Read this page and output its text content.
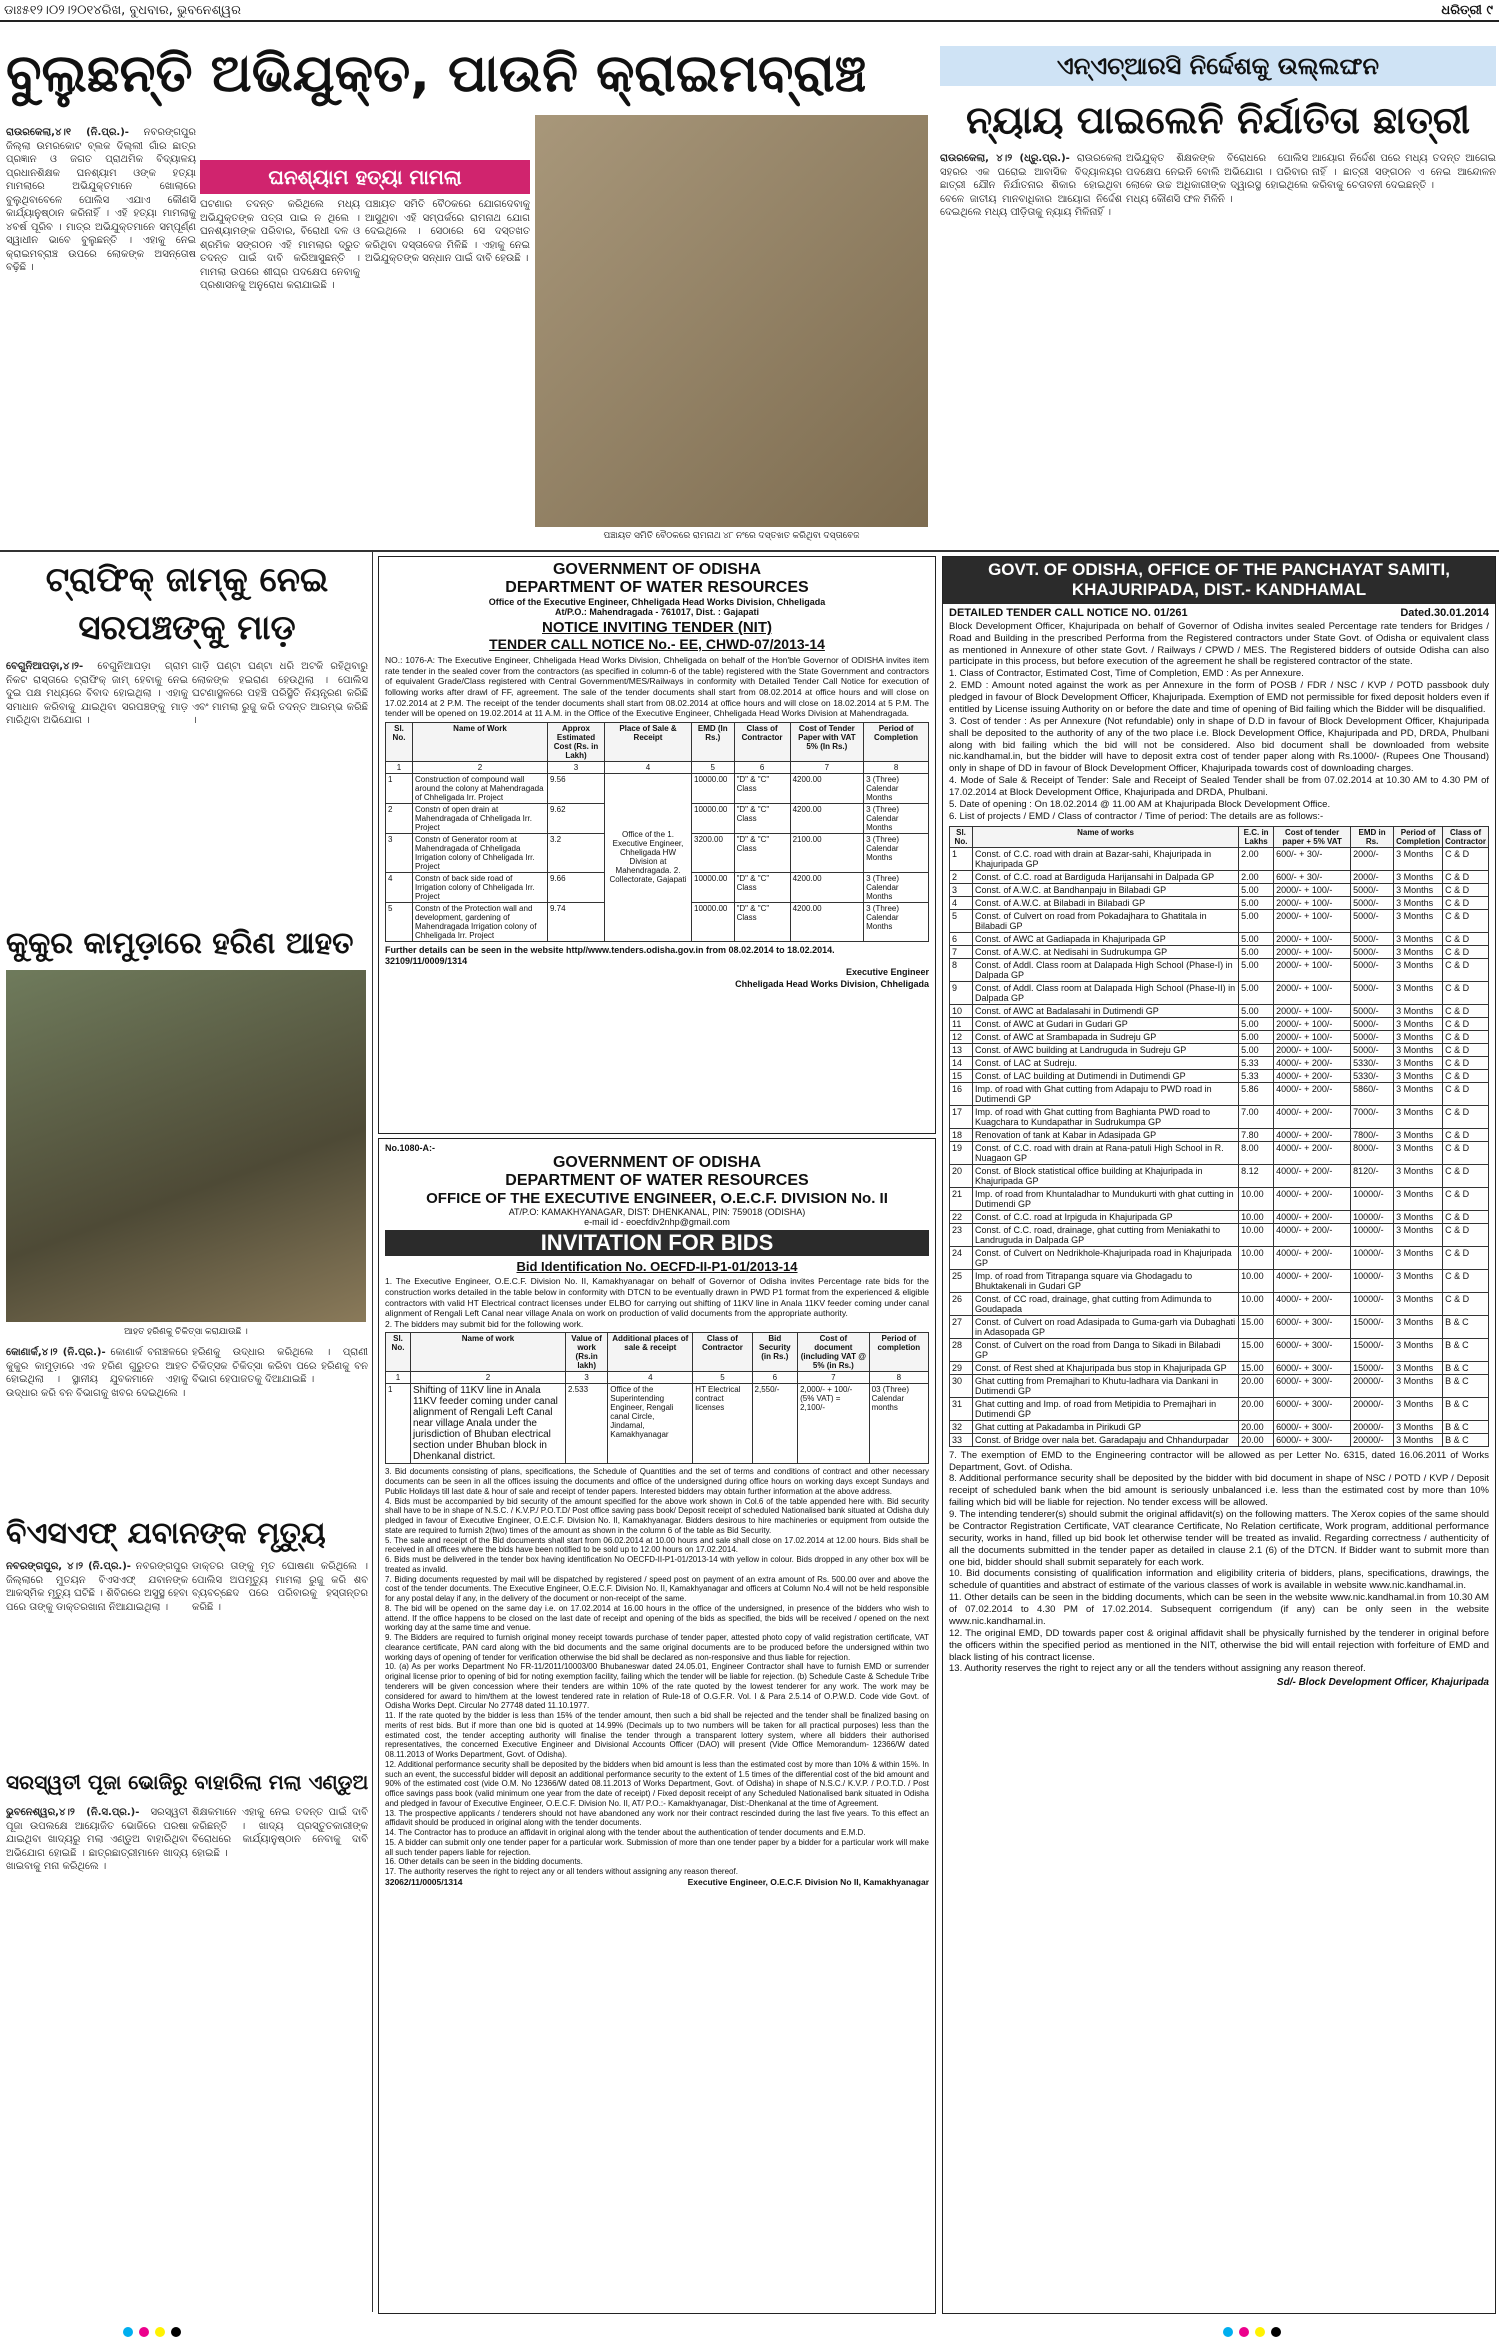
ଡାଃ୫୧୨।୦୨।୨୦୧୪ରିଖ, ବୁଧବାର, ଭୁବନେଶ୍ୱର	ଧରିତ୍ରୀ ୯
ବୁଲୁଛନ୍ତି ଅଭିଯୁକ୍ତ, ପାଉନି କ୍ରାଇମବ୍ରାଞ୍ଚ
ରାଉରକେଲା,୪।୧ (ନି.ପ୍ର.)- ନବରଙ୍ଗପୁର ଜିଲ୍ଲା ଉମରକୋଟ ବ୍ଲକ ଦିଲ୍ଲୀ ଗାଁର ଛାତ୍ର ପ୍ରଜ୍ଞାନ ଓ ଜଗତ ପ୍ରାଥମିକ ବିଦ୍ୟାଳୟ ପ୍ରଧାନଶିକ୍ଷକ ଘନଶ୍ୟାମ ଓଙ୍କ ହତ୍ୟା ମାମଲାରେ ଅଭିଯୁକ୍ତମାନେ ଖୋଲାରେ ବୁଲୁଥିବାବେଳେ ପୋଲିସ ଏଯାଏ କୌଣସି କାର୍ଯ୍ୟାନୁଷ୍ଠାନ କରିନାହିଁ । ଏହି ହତ୍ୟା ମାମଲାକୁ ୪ବର୍ଷ ପୂରିବ । ମାତ୍ର ଅଭିଯୁକ୍ତମାନେ ସମ୍ପୂର୍ଣ୍ଣ ସ୍ୱାଧୀନ ଭାବେ ବୁଲୁଛନ୍ତି । ଏହାକୁ ନେଇ କ୍ରାଇମବ୍ରାଞ୍ଚ ଉପରେ ଲୋକଙ୍କ ଅସନ୍ତୋଷ ବଢ଼ିଛି ।
ଘନଶ୍ୟାମ ହତ୍ୟା ମାମଲା
ଘଟଣାର ତଦନ୍ତ କରିଥିଲେ ମଧ୍ୟ ଅଭିଯୁକ୍ତଙ୍କ ପତ୍ତା ପାଇ ନ ଥିଲେ । ଘନଶ୍ୟାମଙ୍କ ପରିବାର, ବିରୋଧୀ ଦଳ ଓ ଶ୍ରମିକ ସଙ୍ଗଠନ ଏହି ମାମଲାର ଦ୍ରୁତ ତଦନ୍ତ ପାଇଁ ଦାବି କରିଆସୁଛନ୍ତି । ମାମଲା ଉପରେ ଶୀଘ୍ର ପଦକ୍ଷେପ ନେବାକୁ ପ୍ରଶାସନକୁ ଅନୁରୋଧ କରାଯାଇଛି ।
ପଞ୍ଚାୟତ ସମିତି ବୈଠକରେ ଯୋଗଦେବାକୁ ଆସୁଥିବା ଏହି ସମ୍ପର୍କରେ ରାମନାଥ ଯୋଗ ଦେଇଥିଲେ । ସେଠାରେ ସେ ଦସ୍ତଖତ କରିଥିବା ଦସ୍ତାବେଜ ମିଳିଛି । ଏହାକୁ ନେଇ ଅଭିଯୁକ୍ତଙ୍କ ସନ୍ଧାନ ପାଇଁ ଦାବି ହେଉଛି ।
ପଞ୍ଚାୟତ ସମିତି ବୈଠକରେ ରାମନାଥ ୪୮ ନଂରେ ଦସ୍ତଖତ କରିଥିବା ଦସ୍ତାବେଜ
ଏନ୍‌ଏଚ୍‌ଆରସି ନିର୍ଦ୍ଦେଶକୁ ଉଲ୍ଲଙ୍ଘନ
ନ୍ୟାୟ ପାଇଲେନି ନିର୍ଯାତିତା ଛାତ୍ରୀ
ରାଉରକେଲା, ୪।୨ (ଧ୍ରୁ.ପ୍ର.)- ରାଉରକେଲା ସହରର ଏକ ଘରୋଇ ଆବାସିକ ବିଦ୍ୟାଳୟର ଛାତ୍ରୀ ଯୌନ ନିର୍ଯାତନାର ଶିକାର ହୋଇଥିବା ବେଳେ ଜାତୀୟ ମାନବାଧିକାର ଆୟୋଗ ନିର୍ଦ୍ଦେଶ ଦେଇଥିଲେ ମଧ୍ୟ ପୀଡ଼ିତାକୁ ନ୍ୟାୟ ମିଳିନାହିଁ ।
ଅଭିଯୁକ୍ତ ଶିକ୍ଷକଙ୍କ ବିରୋଧରେ ପୋଲିସ ପଦକ୍ଷେପ ନେଇନି ବୋଲି ଅଭିଯୋଗ । ପରିବାର ଲୋକେ ଉଚ୍ଚ ଅଧିକାରୀଙ୍କ ଦ୍ୱାରସ୍ଥ ହୋଇଥିଲେ ମଧ୍ୟ କୌଣସି ଫଳ ମିଳିନି ।
ଆୟୋଗ ନିର୍ଦ୍ଦେଶ ପରେ ମଧ୍ୟ ତଦନ୍ତ ଆଗେଇ ନାହିଁ । ଛାତ୍ରୀ ସଙ୍ଗଠନ ଏ ନେଇ ଆନ୍ଦୋଳନ କରିବାକୁ ଚେତାବନୀ ଦେଇଛନ୍ତି ।
ଟ୍ରାଫିକ୍ ଜାମ୍‌କୁ ନେଇ ସରପଞ୍ଚଙ୍କୁ ମାଡ଼
ବେଗୁନିଆପଡ଼ା,୪।୨- ବେଗୁନିଆପଡ଼ା ଗ୍ରାମ ନିକଟ ରାସ୍ତାରେ ଟ୍ରାଫିକ୍ ଜାମ୍ ହେବାକୁ ନେଇ ଦୁଇ ପକ୍ଷ ମଧ୍ୟରେ ବିବାଦ ହୋଇଥିଲା । ଏହାକୁ ସମାଧାନ କରିବାକୁ ଯାଇଥିବା ସରପଞ୍ଚଙ୍କୁ ମାଡ଼ ମାରିଥିବା ଅଭିଯୋଗ ।
ଗାଡ଼ି ଘଣ୍ଟା ଘଣ୍ଟା ଧରି ଅଟକି ରହିଥିବାରୁ ଲୋକଙ୍କ ହଇରାଣ ହେଉଥିଲା । ପୋଲିସ ଘଟଣାସ୍ଥଳରେ ପହଞ୍ଚି ପରିସ୍ଥିତି ନିୟନ୍ତ୍ରଣ କରିଛି ଏବଂ ମାମଲା ରୁଜୁ କରି ତଦନ୍ତ ଆରମ୍ଭ କରିଛି ।
କୁକୁର କାମୁଡ଼ାରେ ହରିଣ ଆହତ
ଆହତ ହରିଣକୁ ଚିକିତ୍ସା କରାଯାଉଛି ।
କୋଣାର୍କ,୪।୨ (ନି.ପ୍ର.)- କୋଣାର୍କ ବନାଞ୍ଚଳରେ କୁକୁର କାମୁଡ଼ାରେ ଏକ ହରିଣ ଗୁରୁତର ଆହତ ହୋଇଥିଲା । ସ୍ଥାନୀୟ ଯୁବକମାନେ ଏହାକୁ ଉଦ୍ଧାର କରି ବନ ବିଭାଗକୁ ଖବର ଦେଇଥିଲେ ।
ହରିଣକୁ ଉଦ୍ଧାର କରିଥିଲେ । ପ୍ରାଣୀ ଚିକିତ୍ସକ ଚିକିତ୍ସା କରିବା ପରେ ହରିଣକୁ ବନ ବିଭାଗ ହେପାଜତକୁ ଦିଆଯାଇଛି ।
ବିଏସଏଫ୍ ଯବାନଙ୍କ ମୃତ୍ୟୁ
ନବରଙ୍ଗପୁର, ୪।୨ (ନି.ପ୍ର.)- ନବରଙ୍ଗପୁର ଜିଲ୍ଲାରେ ମୁତୟନ ବିଏସଏଫ୍ ଯବାନଙ୍କ ଆକସ୍ମିକ ମୃତ୍ୟୁ ଘଟିଛି । ଶିବିରରେ ଅସୁସ୍ଥ ହେବା ପରେ ତାଙ୍କୁ ଡାକ୍ତରଖାନା ନିଆଯାଇଥିଲା ।
ଡାକ୍ତର ତାଙ୍କୁ ମୃତ ଘୋଷଣା କରିଥିଲେ । ପୋଲିସ ଅପମୃତ୍ୟୁ ମାମଲା ରୁଜୁ କରି ଶବ ବ୍ୟବଚ୍ଛେଦ ପରେ ପରିବାରକୁ ହସ୍ତାନ୍ତର କରିଛି ।
ସରସ୍ୱତୀ ପୂଜା ଭୋଜିରୁ ବାହାରିଲା ମଲା ଏଣ୍ଡୁଅ
ଭୁବନେଶ୍ୱର,୪।୨ (ନି.ସ.ପ୍ର.)- ସରସ୍ୱତୀ ପୂଜା ଉପଲକ୍ଷେ ଆୟୋଜିତ ଭୋଜିରେ ପରଷା ଯାଇଥିବା ଖାଦ୍ୟରୁ ମଲା ଏଣ୍ଡୁଅ ବାହାରିଥିବା ଅଭିଯୋଗ ହୋଇଛି । ଛାତ୍ରଛାତ୍ରୀମାନେ ଖାଦ୍ୟ ଖାଇବାକୁ ମନା କରିଥିଲେ ।
ଶିକ୍ଷକମାନେ ଏହାକୁ ନେଇ ତଦନ୍ତ ପାଇଁ ଦାବି କରିଛନ୍ତି । ଖାଦ୍ୟ ପ୍ରସ୍ତୁତକାରୀଙ୍କ ବିରୋଧରେ କାର୍ଯ୍ୟାନୁଷ୍ଠାନ ନେବାକୁ ଦାବି ହୋଇଛି ।
GOVERNMENT OF ODISHA
DEPARTMENT OF WATER RESOURCES
Office of the Executive Engineer, Chheligada Head Works Division, Chheligada
At/P.O.: Mahendragada - 761017, Dist. : Gajapati
NOTICE INVITING TENDER (NIT)
TENDER CALL NOTICE No.- EE, CHWD-07/2013-14
NO.: 1076-A: The Executive Engineer, Chheligada Head Works Division, Chheligada on behalf of the Hon'ble Governor of ODISHA invites item rate tender in the sealed cover from the contractors (as specified in column-6 of the table) registered with the State Government and contractors of equivalent Grade/Class registered with Central Government/MES/Railways in conformity with Detailed Tender Call Notice for execution of following works after drawl of FF, agreement. The sale of the tender documents shall start from 08.02.2014 at office hours and will close on 17.02.2014 at 2 P.M. The receipt of the tender documents shall start from 08.02.2014 at office hours and will close on 18.02.2014 at 5 P.M. The tender will be opened on 19.02.2014 at 11 A.M. in the Office of the Executive Engineer, Chheligada Head Works Division at Mahendragada.
Sl. No.	Name of Work	Approx Estimated Cost (Rs. in Lakh)	Place of Sale & Receipt	EMD (In Rs.)	Class of Contractor	Cost of Tender Paper with VAT 5% (In Rs.)	Period of Completion
1	2	3	4	5	6	7	8
1	Construction of compound wall around the colony at Mahendragada of Chheligada Irr. Project	9.56	Office of the 1. Executive Engineer, Chheligada HW Division at Mahendragada. 2. Collectorate, Gajapati	10000.00	"D" & "C" Class	4200.00	3 (Three) Calendar Months
2	Constn of open drain at Mahendragada of Chheligada Irr. Project	9.62		10000.00	"D" & "C" Class	4200.00	3 (Three) Calendar Months
3	Constn of Generator room at Mahendragada of Chheligada Irrigation colony of Chheligada Irr. Project	3.2		3200.00	"D" & "C" Class	2100.00	3 (Three) Calendar Months
4	Constn of back side road of Irrigation colony of Chheligada Irr. Project	9.66		10000.00	"D" & "C" Class	4200.00	3 (Three) Calendar Months
5	Constn of the Protection wall and development, gardening of Mahendragada Irrigation colony of Chheligada Irr. Project	9.74		10000.00	"D" & "C" Class	4200.00	3 (Three) Calendar Months
Further details can be seen in the website http//www.tenders.odisha.gov.in from 08.02.2014 to 18.02.2014.
32109/11/0009/1314
Executive Engineer
Chheligada Head Works Division, Chheligada
No.1080-A:-
GOVERNMENT OF ODISHA
DEPARTMENT OF WATER RESOURCES
OFFICE OF THE EXECUTIVE ENGINEER, O.E.C.F. DIVISION No. II
AT/P.O: KAMAKHYANAGAR, DIST: DHENKANAL, PIN: 759018 (ODISHA)
e-mail id - eoecfdiv2nhp@gmail.com
INVITATION FOR BIDS
Bid Identification No. OECFD-II-P1-01/2013-14
1. The Executive Engineer, O.E.C.F. Division No. II, Kamakhyanagar on behalf of Governor of Odisha invites Percentage rate bids for the construction works detailed in the table below in conformity with DTCN to be eventually drawn in PWD P1 format from the experienced & eligible contractors with valid HT Electrical contract licenses under ELBO for carrying out shifting of 11KV line in Anala 11KV feeder coming under canal alignment of Rengali Left Canal near village Anala on work on production of valid documents from the appropriate authority.
2. The bidders may submit bid for the following work.
Sl. No.	Name of work	Value of work (Rs.in lakh)	Additional places of sale & receipt	Class of Contractor	Bid Security (in Rs.)	Cost of document (including VAT @ 5% (in Rs.)	Period of completion
1	2	3	4	5	6	7	8
1	Shifting of 11KV line in Anala 11KV feeder coming under canal alignment of Rengali Left Canal near village Anala under the jurisdiction of Bhuban electrical section under Bhuban block in Dhenkanal district.	2.533	Office of the Superintending Engineer, Rengali canal Circle, Jindamal, Kamakhyanagar	HT Electrical contract licenses	2,550/-	2,000/- + 100/- (5% VAT) = 2,100/-	03 (Three) Calendar months
3. Bid documents consisting of plans, specifications, the Schedule of Quantities and the set of terms and conditions of contract and other necessary documents can be seen in all the offices issuing the documents and office of the undersigned during office hours on working days except Sundays and Public Holidays till last date & hour of sale and receipt of tender papers. Interested bidders may obtain further information at the above address.
4. Bids must be accompanied by bid security of the amount specified for the above work shown in Col.6 of the table appended here with. Bid security shall have to be in shape of N.S.C. / K.V.P./ P.O.T.D/ Post office saving pass book/ Deposit receipt of scheduled Nationalised bank situated at Odisha duly pledged in favour of Executive Engineer, O.E.C.F. Division No. II, Kamakhyanagar. Bidders desirous to hire machineries or equipment from outside the state are required to furnish 2(two) times of the amount as shown in the column 6 of the table as Bid Security.
5. The sale and receipt of the Bid documents shall start from 06.02.2014 at 10.00 hours and sale shall close on 17.02.2014 at 12.00 hours. Bids shall be received in all offices where the bids have been notified to be sold up to 12.00 hours on 17.02.2014.
6. Bids must be delivered in the tender box having identification No OECFD-II-P1-01/2013-14 with yellow in colour. Bids dropped in any other box will be treated as invalid.
7. Biding documents requested by mail will be dispatched by registered / speed post on payment of an extra amount of Rs. 500.00 over and above the cost of the tender documents. The Executive Engineer, O.E.C.F. Division No. II, Kamakhyanagar and officers at Column No.4 will not be held responsible for any postal delay if any, in the delivery of the document or non-receipt of the same.
8. The bid will be opened on the same day i.e. on 17.02.2014 at 16.00 hours in the office of the undersigned, in presence of the bidders who wish to attend. If the office happens to be closed on the last date of receipt and opening of the bids as specified, the bids will be received / opened on the next working day at the same time and venue.
9. The Bidders are required to furnish original money receipt towards purchase of tender paper, attested photo copy of valid registration certificate, VAT clearance certificate, PAN card along with the bid documents and the same original documents are to be produced before the undersigned within two working days of opening of tender for verification otherwise the bid shall be declared as non-responsive and thus liable for rejection.
10. (a) As per works Department No FR-11/2011/10003/00 Bhubaneswar dated 24.05.01, Engineer Contractor shall have to furnish EMD or surrender original license prior to opening of bid for noting exemption facility, failing which the tender will be liable for rejection. (b) Schedule Caste & Schedule Tribe tenderers will be given concession where their tenders are within 10% of the rate quoted by the lowest tenderer for any work. The work may be considered for award to him/them at the lowest tendered rate in relation of Rule-18 of O.G.F.R. Vol. I & Para 2.5.14 of O.P.W.D. Code vide Govt. of Odisha Works Dept. Circular No 27748 dated 11.10.1977.
11. If the rate quoted by the bidder is less than 15% of the tender amount, then such a bid shall be rejected and the tender shall be finalized basing on merits of rest bids. But if more than one bid is quoted at 14.99% (Decimals up to two numbers will be taken for all practical purposes) less than the estimated cost, the tender accepting authority will finalise the tender through a transparent lottery system, where all bidders their authorised representatives, the concerned Executive Engineer and Divisional Accounts Officer (DAO) will present (Vide Office Memorandum- 12366/W dated 08.11.2013 of Works Department, Govt. of Odisha).
12. Additional performance security shall be deposited by the bidders when bid amount is less than the estimated cost by more than 10% & within 15%. In such an event, the successful bidder will deposit an additional performance security to the extent of 1.5 times of the differential cost of the bid amount and 90% of the estimated cost (vide O.M. No 12366/W dated 08.11.2013 of Works Department, Govt. of Odisha) in shape of N.S.C./ K.V.P. / P.O.T.D. / Post office savings pass book (valid minimum one year from the date of receipt) / Fixed deposit receipt of any Scheduled Nationalised bank situated in Odisha and pledged in favour of Executive Engineer, O.E.C.F. Division No. II, AT/ P.O.:- Kamakhyanagar, Dist:-Dhenkanal at the time of Agreement.
13. The prospective applicants / tenderers should not have abandoned any work nor their contract rescinded during the last five years. To this effect an affidavit should be produced in original along with the tender documents.
14. The Contractor has to produce an affidavit in original along with the tender about the authentication of tender documents and E.M.D.
15. A bidder can submit only one tender paper for a particular work. Submission of more than one tender paper by a bidder for a particular work will make all such tender papers liable for rejection.
16. Other details can be seen in the bidding documents.
17. The authority reserves the right to reject any or all tenders without assigning any reason thereof.
32062/11/0005/1314	Executive Engineer, O.E.C.F. Division No II, Kamakhyanagar
GOVT. OF ODISHA, OFFICE OF THE PANCHAYAT SAMITI, KHAJURIPADA, DIST.- KANDHAMAL
DETAILED TENDER CALL NOTICE NO. 01/261	Dated.30.01.2014
Block Development Officer, Khajuripada on behalf of Governor of Odisha invites sealed Percentage rate tenders for Bridges / Road and Building in the prescribed Performa from the Registered contractors under State Govt. of Odisha or equivalent class as mentioned in Annexure of other state Govt. / Railways / CPWD / MES. The Registered bidders of outside Odisha can also participate in this process, but before execution of the agreement he shall be registered contractor of the state.
1. Class of Contractor, Estimated Cost, Time of Completion, EMD : As per Annexure.
2. EMD : Amount noted against the work as per Annexure in the form of POSB / FDR / NSC / KVP / POTD passbook duly pledged in favour of Block Development Officer, Khajuripada. Exemption of EMD not permissible for fixed deposit holders even if entitled by License issuing Authority on or before the date and time of opening of Bid failing which the Bidder will be disqualified.
3. Cost of tender : As per Annexure (Not refundable) only in shape of D.D in favour of Block Development Officer, Khajuripada shall be deposited to the authority of any of the two place i.e. Block Development Office, Khajuripada and PD, DRDA, Phulbani along with bid failing which the bid will not be considered. Also bid document shall be downloaded from website nic.kandhamal.in, but the bidder will have to deposit extra cost of tender paper along with Rs.1000/- (Rupees One Thousand) only in shape of DD in favour of Block Development Officer, Khajuripada towards cost of downloading charges.
4. Mode of Sale & Receipt of Tender: Sale and Receipt of Sealed Tender shall be from 07.02.2014 at 10.30 AM to 4.30 PM of 17.02.2014 at Block Development Office, Khajuripada and DRDA, Phulbani.
5. Date of opening : On 18.02.2014 @ 11.00 AM at Khajuripada Block Development Office.
6. List of projects / EMD / Class of contractor / Time of period: The details are as follows:-
Sl. No.	Name of works	E.C. in Lakhs	Cost of tender paper + 5% VAT	EMD in Rs.	Period of Completion	Class of Contractor
1	Const. of C.C. road with drain at Bazar-sahi, Khajuripada in Khajuripada GP	2.00	600/- + 30/-	2000/-	3 Months	C & D
2	Const. of C.C. road at Bardiguda Harijansahi in Dalpada GP	2.00	600/- + 30/-	2000/-	3 Months	C & D
3	Const. of A.W.C. at Bandhanpaju in Bilabadi GP	5.00	2000/- + 100/-	5000/-	3 Months	C & D
4	Const. of A.W.C. at Bilabadi in Bilabadi GP	5.00	2000/- + 100/-	5000/-	3 Months	C & D
5	Const. of Culvert on road from Pokadajhara to Ghatitala in Bilabadi GP	5.00	2000/- + 100/-	5000/-	3 Months	C & D
6	Const. of AWC at Gadiapada in Khajuripada GP	5.00	2000/- + 100/-	5000/-	3 Months	C & D
7	Const. of A.W.C. at Nedisahi in Sudrukumpa GP	5.00	2000/- + 100/-	5000/-	3 Months	C & D
8	Const. of Addl. Class room at Dalapada High School (Phase-I) in Dalpada GP	5.00	2000/- + 100/-	5000/-	3 Months	C & D
9	Const. of Addl. Class room at Dalapada High School (Phase-II) in Dalpada GP	5.00	2000/- + 100/-	5000/-	3 Months	C & D
10	Const. of AWC at Badalasahi in Dutimendi GP	5.00	2000/- + 100/-	5000/-	3 Months	C & D
11	Const. of AWC at Gudari in Gudari GP	5.00	2000/- + 100/-	5000/-	3 Months	C & D
12	Const. of AWC at Srambapada in Sudreju GP	5.00	2000/- + 100/-	5000/-	3 Months	C & D
13	Const. of AWC building at Landruguda in Sudreju GP	5.00	2000/- + 100/-	5000/-	3 Months	C & D
14	Const. of LAC at Sudreju.	5.33	4000/- + 200/-	5330/-	3 Months	C & D
15	Const. of LAC building at Dutimendi in Dutimendi GP	5.33	4000/- + 200/-	5330/-	3 Months	C & D
16	Imp. of road with Ghat cutting from Adapaju to PWD road in Dutimendi GP	5.86	4000/- + 200/-	5860/-	3 Months	C & D
17	Imp. of road with Ghat cutting from Baghianta PWD road to Kuagchara to Kundapathar in Sudrukumpa GP	7.00	4000/- + 200/-	7000/-	3 Months	C & D
18	Renovation of tank at Kabar in Adasipada GP	7.80	4000/- + 200/-	7800/-	3 Months	C & D
19	Const. of C.C. road with drain at Rana-patuli High School in R. Nuagaon GP	8.00	4000/- + 200/-	8000/-	3 Months	C & D
20	Const. of Block statistical office building at Khajuripada in Khajuripada GP	8.12	4000/- + 200/-	8120/-	3 Months	C & D
21	Imp. of road from Khuntaladhar to Mundukurti with ghat cutting in Dutimendi GP	10.00	4000/- + 200/-	10000/-	3 Months	C & D
22	Const. of C.C. road at Irpiguda in Khajuripada GP	10.00	4000/- + 200/-	10000/-	3 Months	C & D
23	Const. of C.C. road, drainage, ghat cutting from Meniakathi to Landruguda in Dalpada GP	10.00	4000/- + 200/-	10000/-	3 Months	C & D
24	Const. of Culvert on Nedrikhole-Khajuripada road in Khajuripada GP	10.00	4000/- + 200/-	10000/-	3 Months	C & D
25	Imp. of road from Titrapanga square via Ghodagadu to Bhuktakenali in Gudari GP	10.00	4000/- + 200/-	10000/-	3 Months	C & D
26	Const. of CC road, drainage, ghat cutting from Adimunda to Goudapada	10.00	4000/- + 200/-	10000/-	3 Months	C & D
27	Const. of Culvert on road Adasipada to Guma-garh via Dubaghati in Adasopada GP	15.00	6000/- + 300/-	15000/-	3 Months	B & C
28	Const. of Culvert on the road from Danga to Sikadi in Bilabadi GP	15.00	6000/- + 300/-	15000/-	3 Months	B & C
29	Const. of Rest shed at Khajuripada bus stop in Khajuripada GP	15.00	6000/- + 300/-	15000/-	3 Months	B & C
30	Ghat cutting from Premajhari to Khutu-ladhara via Dankani in Dutimendi GP	20.00	6000/- + 300/-	20000/-	3 Months	B & C
31	Ghat cutting and Imp. of road from Metipidia to Premajhari in Dutimendi GP	20.00	6000/- + 300/-	20000/-	3 Months	B & C
32	Ghat cutting at Pakadamba in Pirikudi GP	20.00	6000/- + 300/-	20000/-	3 Months	B & C
33	Const. of Bridge over nala bet. Garadapaju and Chhandurpadar	20.00	6000/- + 300/-	20000/-	3 Months	B & C
7. The exemption of EMD to the Engineering contractor will be allowed as per Letter No. 6315, dated 16.06.2011 of Works Department, Govt. of Odisha.
8. Additional performance security shall be deposited by the bidder with bid document in shape of NSC / POTD / KVP / Deposit receipt of scheduled bank when the bid amount is seriously unbalanced i.e. less than the estimated cost by more than 10% failing which bid will be liable for rejection. No tender excess will be allowed.
9. The intending tenderer(s) should submit the original affidavit(s) on the following matters. The Xerox copies of the same should be Contractor Registration Certificate, VAT clearance Certificate, No Relation certificate, Work program, additional performance security, works in hand, filled up bid book let otherwise tender will be treated as invalid. Regarding correctness / authenticity of all the documents submitted in the tender paper as detailed in clause 2.1 (6) of the DTCN. If Bidder want to submit more than one bid, bidder should shall submit separately for each work.
10. Bid documents consisting of qualification information and eligibility criteria of bidders, plans, specifications, drawings, the schedule of quantities and abstract of estimate of the various classes of work is available in website www.nic.kandhamal.in.
11. Other details can be seen in the bidding documents, which can be seen in the website www.nic.kandhamal.in from 10.30 AM of 07.02.2014 to 4.30 PM of 17.02.2014. Subsequent corrigendum (if any) can be only seen in the website www.nic.kandhamal.in.
12. The original EMD, DD towards paper cost & original affidavit shall be physically furnished by the tenderer in original before the officers within the specified period as mentioned in the NIT, otherwise the bid will entail rejection with forfeiture of EMD and black listing of his contract license.
13. Authority reserves the right to reject any or all the tenders without assigning any reason thereof.
Sd/- Block Development Officer, Khajuripada
